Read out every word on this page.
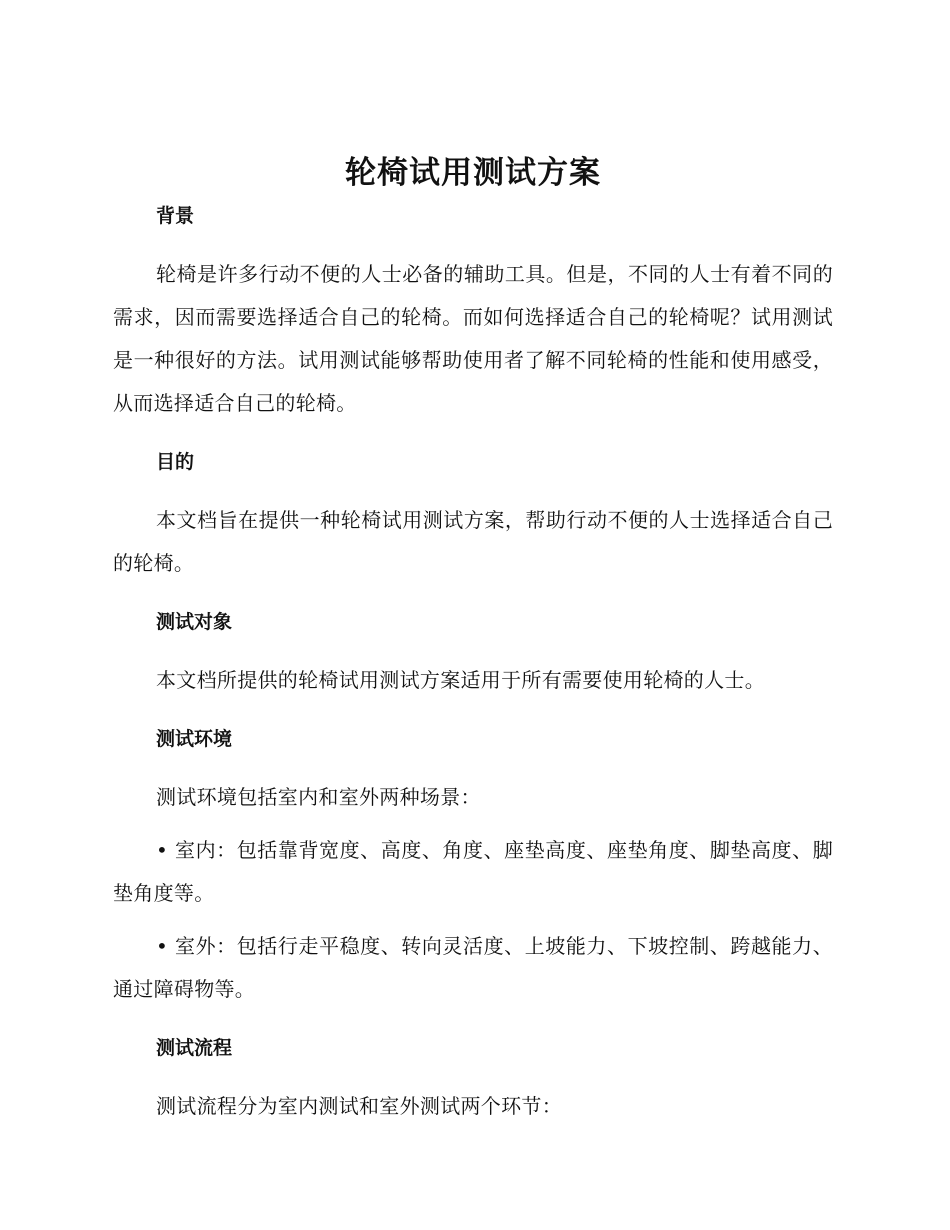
轮椅试用测试方案
背景

轮椅是许多行动不便的人士必备的辅助工具。但是，不同的人士有着不同的需求，因而需要选择适合自己的轮椅。而如何选择适合自己的轮椅呢？试用测试是一种很好的方法。试用测试能够帮助使用者了解不同轮椅的性能和使用感受，从而选择适合自己的轮椅。

目的

本文档旨在提供一种轮椅试用测试方案，帮助行动不便的人士选择适合自己的轮椅。

测试对象

本文档所提供的轮椅试用测试方案适用于所有需要使用轮椅的人士。

测试环境

测试环境包括室内和室外两种场景：

• 室内：包括靠背宽度、高度、角度、座垫高度、座垫角度、脚垫高度、脚垫角度等。

• 室外：包括行走平稳度、转向灵活度、上坡能力、下坡控制、跨越能力、通过障碍物等。

测试流程

测试流程分为室内测试和室外测试两个环节：
